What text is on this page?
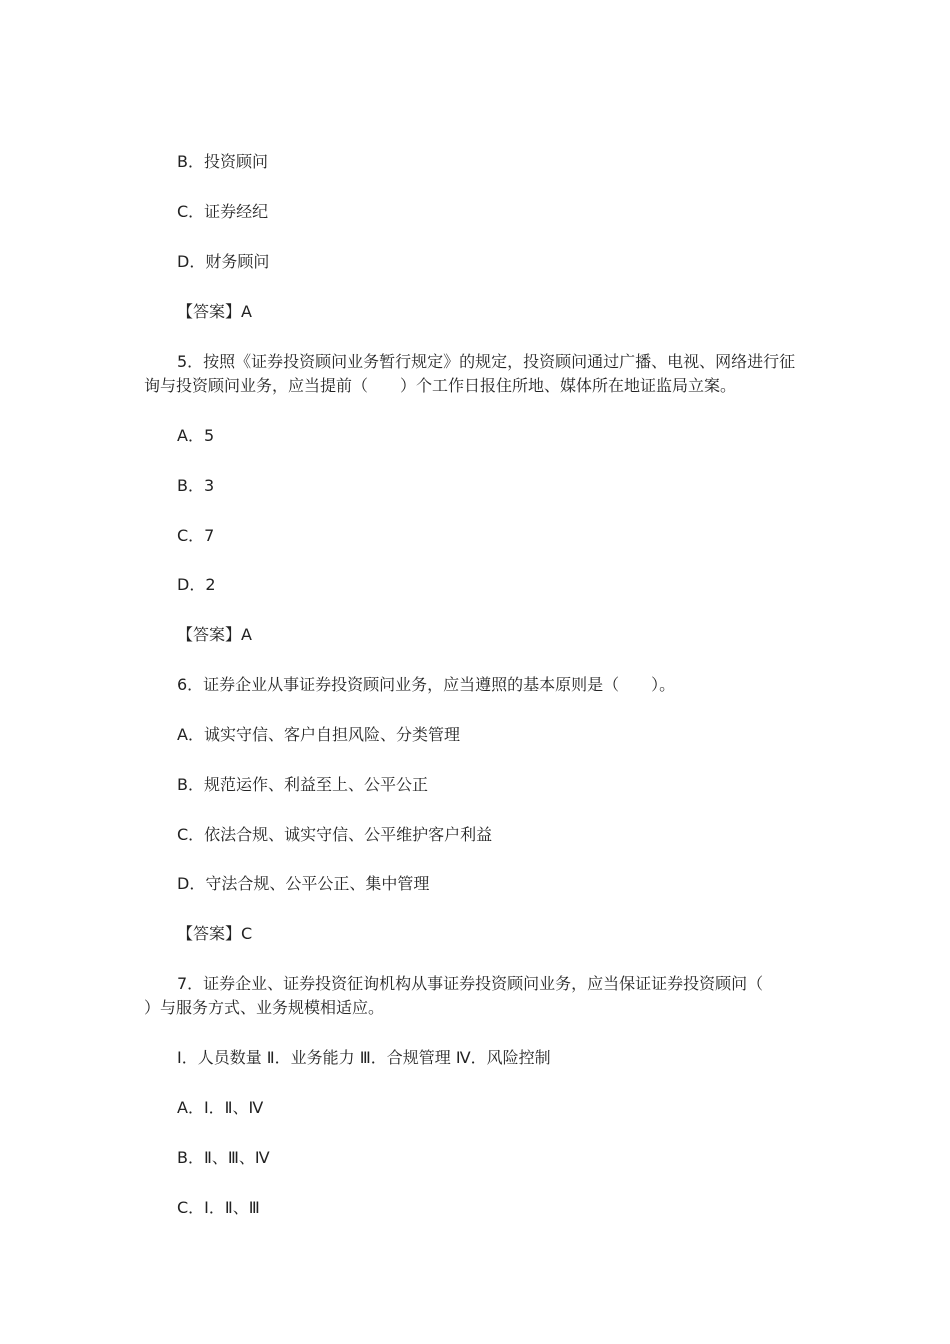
B．投资顾问
C．证券经纪
D．财务顾问
【答案】A
5．按照《证券投资顾问业务暂行规定》的规定，投资顾问通过广播、电视、网络进行征询与投资顾问业务，应当提前（　　）个工作日报住所地、媒体所在地证监局立案。
A．5
B．3
C．7
D．2
【答案】A
6．证券企业从事证券投资顾问业务，应当遵照的基本原则是（　　）。
A．诚实守信、客户自担风险、分类管理
B．规范运作、利益至上、公平公正
C．依法合规、诚实守信、公平维护客户利益
D．守法合规、公平公正、集中管理
【答案】C
7．证券企业、证券投资征询机构从事证券投资顾问业务，应当保证证券投资顾问（　　）与服务方式、业务规模相适应。
Ⅰ．人员数量 Ⅱ．业务能力 Ⅲ．合规管理 Ⅳ．风险控制
A．Ⅰ．Ⅱ、Ⅳ
B．Ⅱ、Ⅲ、Ⅳ
C．Ⅰ．Ⅱ、Ⅲ
